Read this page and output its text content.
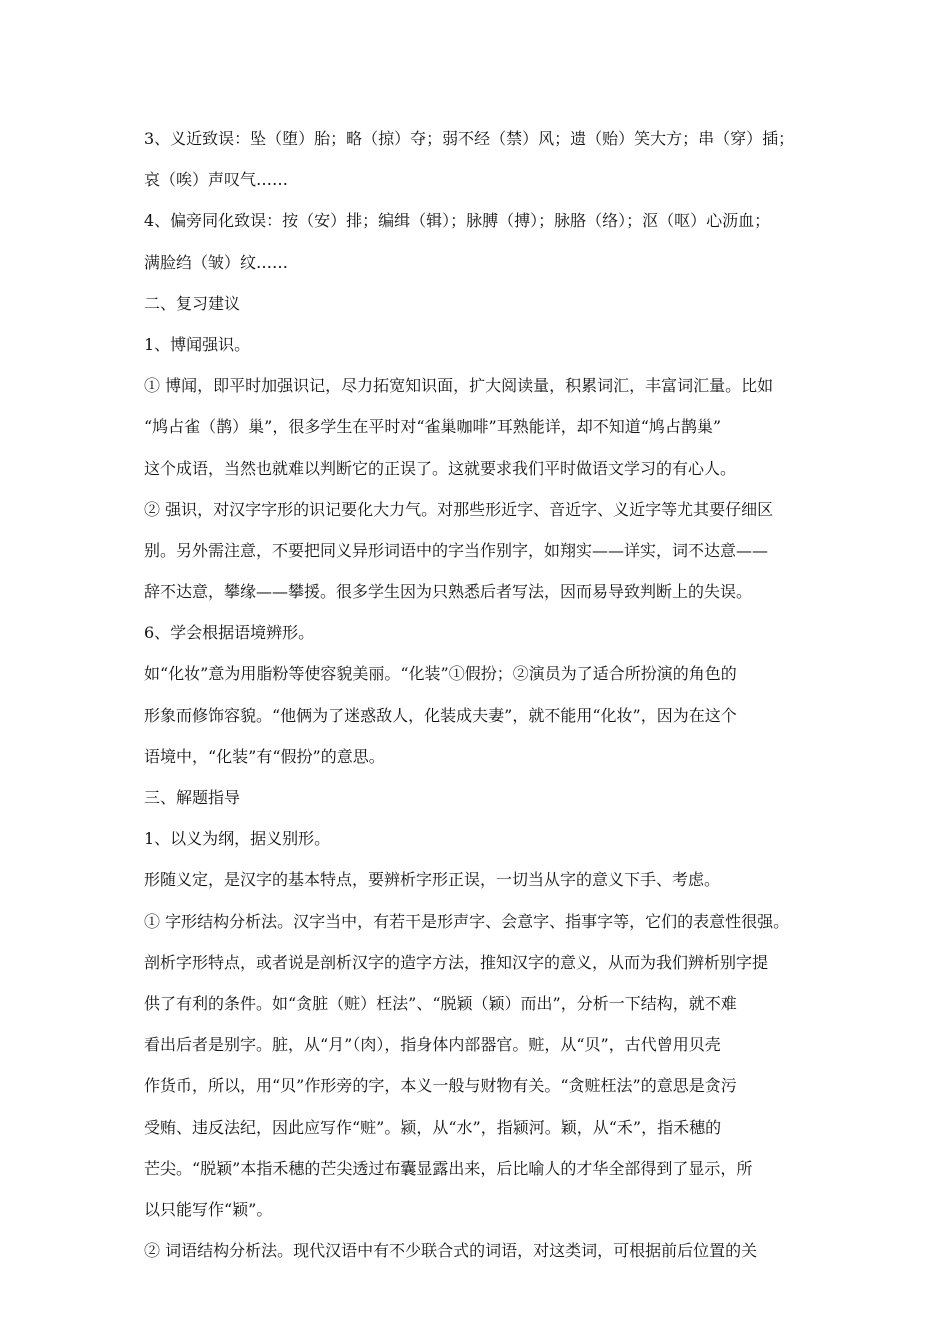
3、义近致误：坠（堕）胎；略（掠）夺；弱不经（禁）风；遗（贻）笑大方；串（穿）插；
哀（唉）声叹气……
4、偏旁同化致误：按（安）排；编缉（辑）；脉膊（搏）；脉胳（络）；沤（呕）心沥血；
满脸绉（皱）纹……
二、复习建议
1、博闻强识。
① 博闻，即平时加强识记，尽力拓宽知识面，扩大阅读量，积累词汇，丰富词汇量。比如
“鸠占雀（鹊）巢”，很多学生在平时对“雀巢咖啡”耳熟能详，却不知道“鸠占鹊巢”
这个成语，当然也就难以判断它的正误了。这就要求我们平时做语文学习的有心人。
② 强识，对汉字字形的识记要化大力气。对那些形近字、音近字、义近字等尤其要仔细区
别。另外需注意，不要把同义异形词语中的字当作别字，如翔实——详实，词不达意——
辞不达意，攀缘——攀援。很多学生因为只熟悉后者写法，因而易导致判断上的失误。
6、学会根据语境辨形。
如“化妆”意为用脂粉等使容貌美丽。“化装”①假扮；②演员为了适合所扮演的角色的
形象而修饰容貌。“他俩为了迷惑敌人，化装成夫妻”，就不能用“化妆”，因为在这个
语境中，“化装”有“假扮”的意思。
三、解题指导
1、以义为纲，据义别形。
形随义定，是汉字的基本特点，要辨析字形正误，一切当从字的意义下手、考虑。
① 字形结构分析法。汉字当中，有若干是形声字、会意字、指事字等，它们的表意性很强。
剖析字形特点，或者说是剖析汉字的造字方法，推知汉字的意义，从而为我们辨析别字提
供了有利的条件。如“贪脏（赃）枉法”、“脱颖（颖）而出”，分析一下结构，就不难
看出后者是别字。脏，从“月”（肉），指身体内部器官。赃，从“贝”，古代曾用贝壳
作货币，所以，用“贝”作形旁的字，本义一般与财物有关。“贪赃枉法”的意思是贪污
受贿、违反法纪，因此应写作“赃”。颍，从“水”，指颍河。颖，从“禾”，指禾穗的
芒尖。“脱颖”本指禾穗的芒尖透过布囊显露出来，后比喻人的才华全部得到了显示，所
以只能写作“颖”。
② 词语结构分析法。现代汉语中有不少联合式的词语，对这类词，可根据前后位置的关
